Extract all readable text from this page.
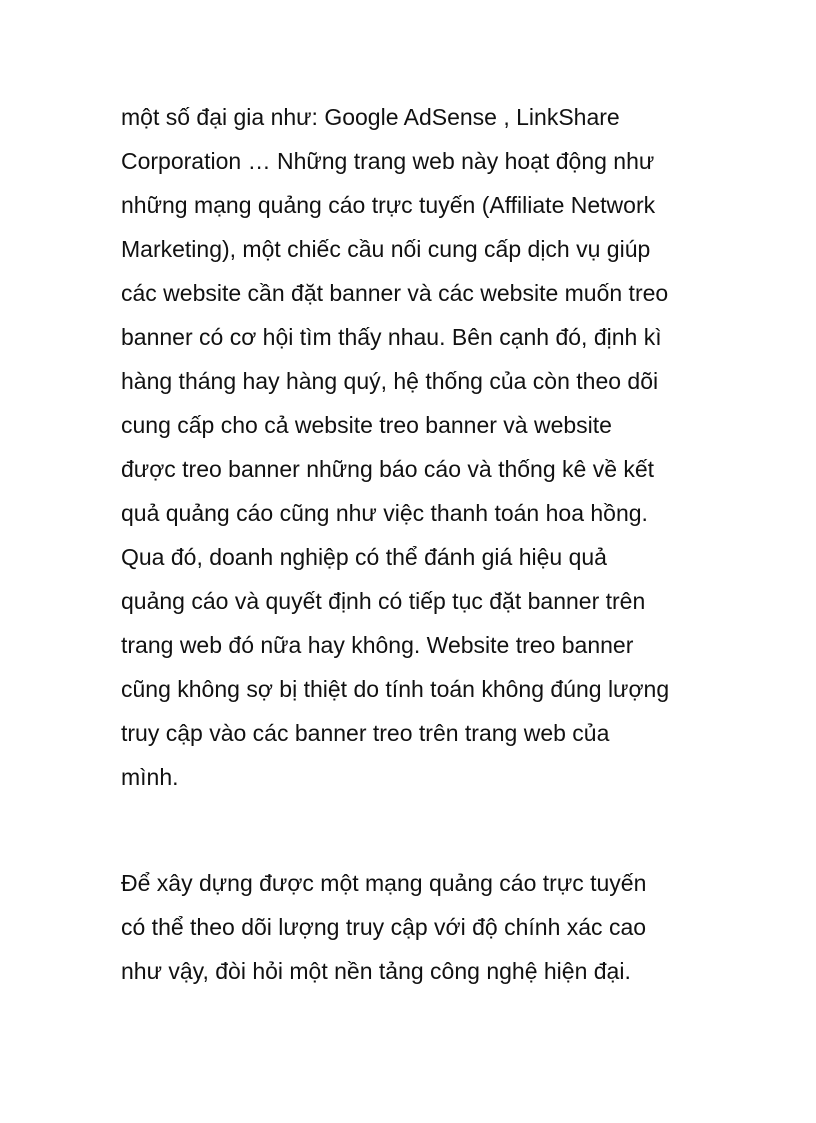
một số đại gia như: Google AdSense , LinkShare
Corporation … Những trang web này hoạt động như
những mạng quảng cáo trực tuyến (Affiliate Network
Marketing), một chiếc cầu nối cung cấp dịch vụ giúp
các website cần đặt banner và các website muốn treo
banner có cơ hội tìm thấy nhau. Bên cạnh đó, định kì
hàng tháng hay hàng quý, hệ thống của còn theo dõi
cung cấp cho cả website treo banner và website
được treo banner những báo cáo và thống kê về kết
quả quảng cáo cũng như việc thanh toán hoa hồng.
Qua đó, doanh nghiệp có thể đánh giá hiệu quả
quảng cáo và quyết định có tiếp tục đặt banner trên
trang web đó nữa hay không. Website treo banner
cũng không sợ bị thiệt do tính toán không đúng lượng
truy cập vào các banner treo trên trang web của
mình.

Để xây dựng được một mạng quảng cáo trực tuyến
có thể theo dõi lượng truy cập với độ chính xác cao
như vậy, đòi hỏi một nền tảng công nghệ hiện đại.
